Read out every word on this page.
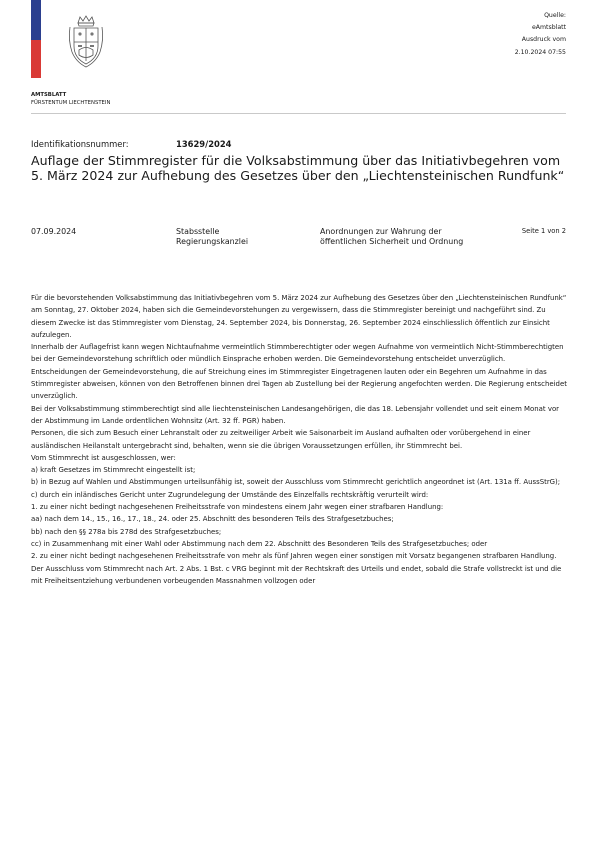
AMTSBLATT
FÜRSTENTUM LIECHTENSTEIN
Quelle:
eAmtsblatt
Ausdruck vom
2.10.2024 07:55
Identifikationsnummer:	13629/2024
Auflage der Stimmregister für die Volksabstimmung über das Initiativbegehren vom 5. März 2024 zur Aufhebung des Gesetzes über den „Liechtensteinischen Rundfunk“
07.09.2024	Stabsstelle Regierungskanzlei
Anordnungen zur Wahrung der öffentlichen Sicherheit und Ordnung
Seite 1 von 2

Für die bevorstehenden Volksabstimmung das Initiativbegehren vom 5. März 2024 zur Aufhebung des Gesetzes über den „Liechtensteinischen Rundfunk“ am Sonntag, 27. Oktober 2024, haben sich die Gemeindevorstehungen zu vergewissern, dass die Stimmregister bereinigt und nachgeführt sind. Zu diesem Zwecke ist das Stimmregister vom Dienstag, 24. September 2024, bis Donnerstag, 26. September 2024 einschliesslich öffentlich zur Einsicht aufzulegen.

Innerhalb der Auflagefrist kann wegen Nichtaufnahme vermeintlich Stimmberechtigter oder wegen Aufnahme von vermeintlich Nicht-Stimmberechtigten bei der Gemeindevorstehung schriftlich oder mündlich Einsprache erhoben werden. Die Gemeindevorstehung entscheidet unverzüglich.

Entscheidungen der Gemeindevorstehung, die auf Streichung eines im Stimmregister Eingetragenen lauten oder ein Begehren um Aufnahme in das Stimmregister abweisen, können von den Betroffenen binnen drei Tagen ab Zustellung bei der Regierung angefochten werden. Die Regierung entscheidet unverzüglich.

Bei der Volksabstimmung stimmberechtigt sind alle liechtensteinischen Landesangehörigen, die das 18. Lebensjahr vollendet und seit einem Monat vor der Abstimmung im Lande ordentlichen Wohnsitz (Art. 32 ff. PGR) haben.

Personen, die sich zum Besuch einer Lehranstalt oder zu zeitweiliger Arbeit wie Saisonarbeit im Ausland aufhalten oder vorübergehend in einer ausländischen Heilanstalt untergebracht sind, behalten, wenn sie die übrigen Voraussetzungen erfüllen, ihr Stimmrecht bei.

Vom Stimmrecht ist ausgeschlossen, wer:

a) kraft Gesetzes im Stimmrecht eingestellt ist;

b) in Bezug auf Wahlen und Abstimmungen urteilsunfähig ist, soweit der Ausschluss vom Stimmrecht gerichtlich angeordnet ist (Art. 131a ff. AussStrG);

c) durch ein inländisches Gericht unter Zugrundelegung der Umstände des Einzelfalls rechtskräftig verurteilt wird:

1. zu einer nicht bedingt nachgesehenen Freiheitsstrafe von mindestens einem Jahr wegen einer strafbaren Handlung:

aa) nach dem 14., 15., 16., 17., 18., 24. oder 25. Abschnitt des besonderen Teils des Strafgesetzbuches;

bb) nach den §§ 278a bis 278d des Strafgesetzbuches;

cc) in Zusammenhang mit einer Wahl oder Abstimmung nach dem 22. Abschnitt des Besonderen Teils des Strafgesetzbuches; oder

2. zu einer nicht bedingt nachgesehenen Freiheitsstrafe von mehr als fünf Jahren wegen einer sonstigen mit Vorsatz begangenen strafbaren Handlung.

Der Ausschluss vom Stimmrecht nach Art. 2 Abs. 1 Bst. c VRG beginnt mit der Rechtskraft des Urteils und endet, sobald die Strafe vollstreckt ist und die mit Freiheitsentziehung verbundenen vorbeugenden Massnahmen vollzogen oder
